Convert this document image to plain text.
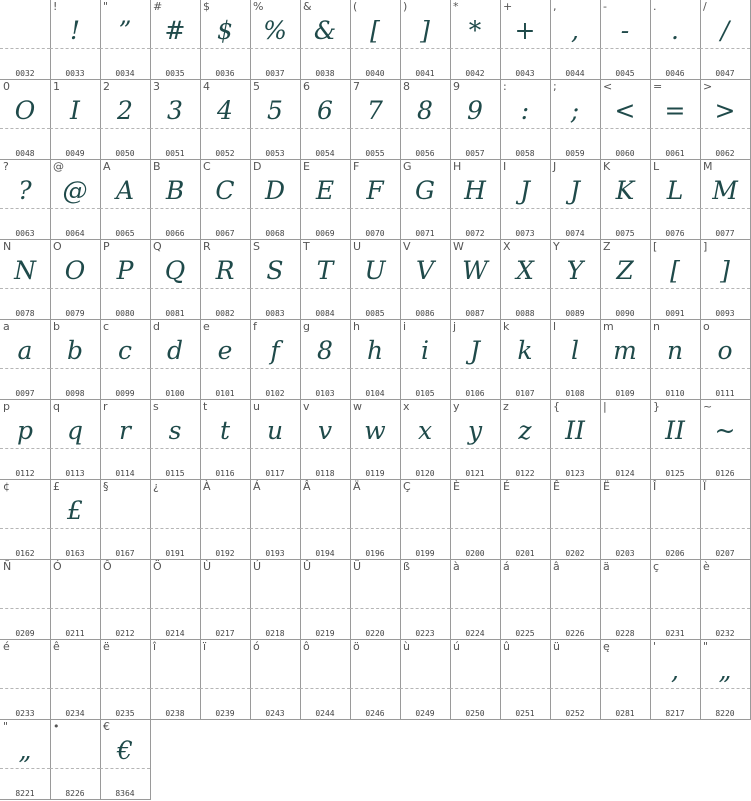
0032
!
!
0033
"
”
0034
#
#
0035
$
$
0036
%
%
0037
&
&
0038
(
[
0040
)
]
0041
*
*
0042
+
+
0043
,
,
0044
-
-
0045
.
.
0046
/
/
0047
0
O
0048
1
I
0049
2
2
0050
3
3
0051
4
4
0052
5
5
0053
6
6
0054
7
7
0055
8
8
0056
9
9
0057
:
:
0058
;
;
0059
<
<
0060
=
=
0061
>
>
0062
?
?
0063
@
@
0064
A
A
0065
B
B
0066
C
C
0067
D
D
0068
E
E
0069
F
F
0070
G
G
0071
H
H
0072
I
J
0073
J
J
0074
K
K
0075
L
L
0076
M
M
0077
N
N
0078
O
O
0079
P
P
0080
Q
Q
0081
R
R
0082
S
S
0083
T
T
0084
U
U
0085
V
V
0086
W
W
0087
X
X
0088
Y
Y
0089
Z
Z
0090
[
[
0091
]
]
0093
a
a
0097
b
b
0098
c
c
0099
d
d
0100
e
e
0101
f
f
0102
g
8
0103
h
h
0104
i
i
0105
j
J
0106
k
k
0107
l
l
0108
m
m
0109
n
n
0110
o
o
0111
p
p
0112
q
q
0113
r
r
0114
s
s
0115
t
t
0116
u
u
0117
v
v
0118
w
w
0119
x
x
0120
y
y
0121
z
z
0122
{
II
0123
|
0124
}
II
0125
~
~
0126
¢
0162
£
£
0163
§
0167
¿
0191
À
0192
Á
0193
Â
0194
Ä
0196
Ç
0199
È
0200
É
0201
Ê
0202
Ë
0203
Î
0206
Ï
0207
Ñ
0209
Ó
0211
Ô
0212
Ö
0214
Ù
0217
Ú
0218
Û
0219
Ü
0220
ß
0223
à
0224
á
0225
â
0226
ä
0228
ç
0231
è
0232
é
0233
ê
0234
ë
0235
î
0238
ï
0239
ó
0243
ô
0244
ö
0246
ù
0249
ú
0250
û
0251
ü
0252
ę
0281
'
,
8217
"
„
8220
"
„
8221
•
8226
€
€
8364
